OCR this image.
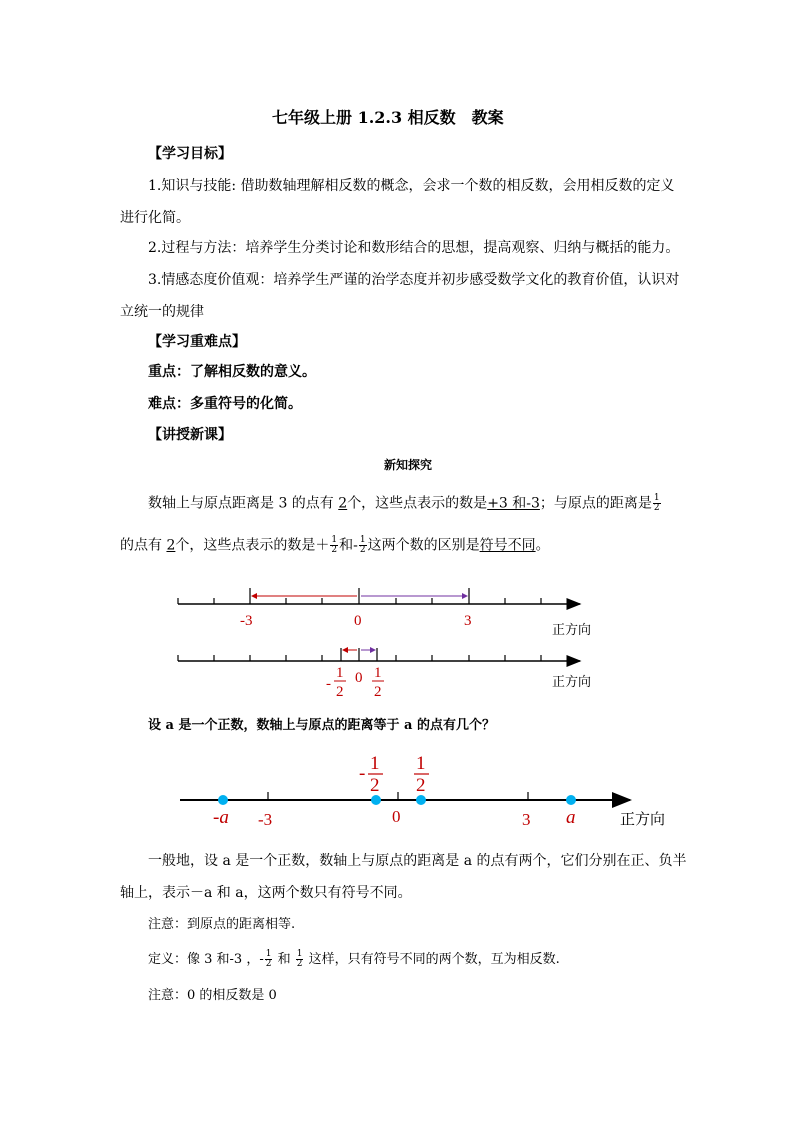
七年级上册 1.2.3 相反数　教案
【学习目标】
1.知识与技能: 借助数轴理解相反数的概念，会求一个数的相反数，会用相反数的定义
进行化简。
2.过程与方法：培养学生分类讨论和数形结合的思想，提高观察、归纳与概括的能力。
3.情感态度价值观：培养学生严谨的治学态度并初步感受数学文化的教育价值，认识对
立统一的规律
【学习重难点】
重点：了解相反数的意义。
难点：多重符号的化简。
【讲授新课】
新知探究
数轴上与原点距离是 3 的点有 2个，这些点表示的数是+3 和-3；与原点的距离是 $\frac{1}{2}$
的点有 2个，这些点表示的数是＋ $\frac{1}{2}$ 和- $\frac{1}{2}$ 这两个数的区别是符号不同。
-3	0	3
正方向
-
1
2
0 1
2
正方向
设 a 是一个正数，数轴上与原点的距离等于 a 的点有几个？
-a -3	0	3 a
- 1
2
1
2
正方向
一般地，设 a 是一个正数，数轴上与原点的距离是 a 的点有两个，它们分别在正、负半
轴上，表示－a 和 a，这两个数只有符号不同。
注意：到原点的距离相等.
定义：像 3 和-3 ，- $\frac{1}{2}$ 和 $\frac{1}{2}$ 这样，只有符号不同的两个数，互为相反数.
注意：0 的相反数是 0
